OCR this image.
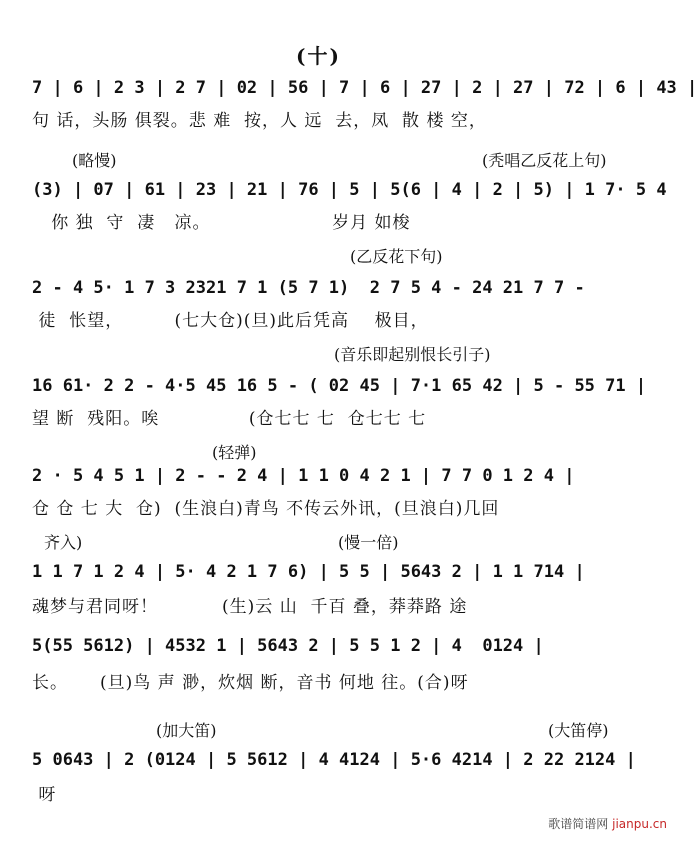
(十)
7 | 6 | 2 3 | 2 7 | 02 | 56 | 7 | 6 | 27 | 2 | 27 | 72 | 6 | 43 |
句 话，头肠 俱裂。悲 难  按，人 远  去，凤  散 楼 空，
(略慢)	(秃唱乙反花上句)
(3) | 07 | 61 | 23 | 21 | 76 | 5 | 5(6 | 4 | 2 | 5) | 1 7· 5 4
你 独  守  凄   凉。                   岁月 如梭
(乙反花下句)
2 - 4 5· 1 7 3 2321 7 1 (5 7 1)  2 7 5 4 - 24 21 7 7 -
徒  怅望，        (七大仓)(旦)此后凭高    极目，
(音乐即起别恨长引子)
16 61· 2 2 - 4·5 45 16 5 - ( 02 45 | 7·1 65 42 | 5 - 55 71 |
望 断  残阳。唉              (仓七七 七  仓七七 七
(轻弹)
2 · 5 4 5 1 | 2 - - 2 4 | 1 1 0 4 2 1 | 7 7 0 1 2 4 |
仓 仓 七 大  仓)  (生浪白)青鸟 不传云外讯，(旦浪白)几回
齐入)	(慢一倍)
1 1 7 1 2 4 | 5· 4 2 1 7 6) | 5 5 | 5643 2 | 1 1 714 |
魂梦与君同呀！          (生)云 山  千百 叠，莽莽路 途
5(55 5612) | 4532 1 | 5643 2 | 5 5 1 2 | 4  0124 |
长。     (旦)鸟 声 渺，炊烟 断，音书 何地 往。(合)呀
(加大笛)	(大笛停)
5 0643 | 2 (0124 | 5 5612 | 4 4124 | 5·6 4214 | 2 22 2124 |
呀
歌谱简谱网 jianpu.cn
